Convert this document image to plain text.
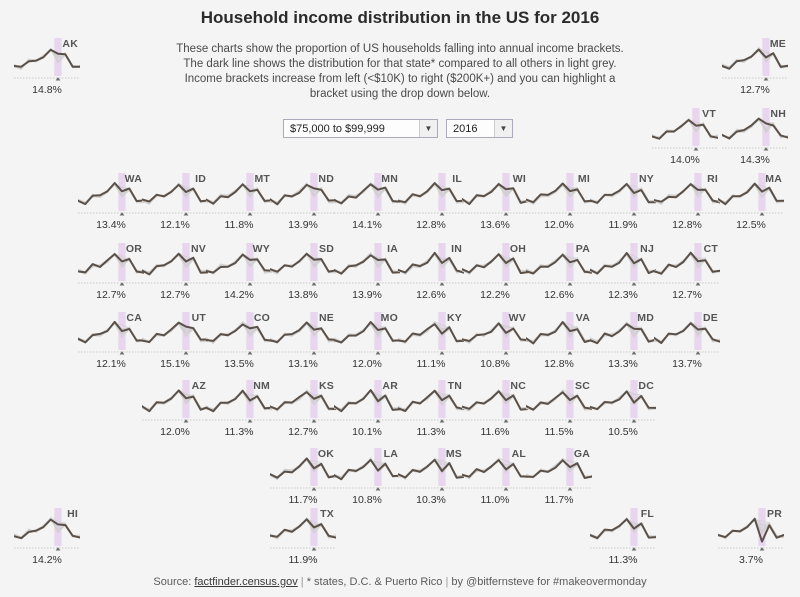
Household income distribution in the US for 2016
These charts show the proportion of US households falling into annual income brackets. The dark line shows the distribution for that state* compared to all others in light grey. Income brackets increase from left (<$10K) to right ($200K+) and you can highlight a bracket using the drop down below.
$75,000 to $99,999	▼	2016	▼
AK
14.8%
ME
12.7%
VT
14.0%
NH
14.3%
WA
13.4%
ID
12.1%
MT
11.8%
ND
13.9%
MN
14.1%
IL
12.8%
WI
13.6%
MI
12.0%
NY
11.9%
RI
12.8%
MA
12.5%
OR
12.7%
NV
12.7%
WY
14.2%
SD
13.8%
IA
13.9%
IN
12.6%
OH
12.2%
PA
12.6%
NJ
12.3%
CT
12.7%
CA
12.1%
UT
15.1%
CO
13.5%
NE
13.1%
MO
12.0%
KY
11.1%
WV
10.8%
VA
12.8%
MD
13.3%
DE
13.7%
AZ
12.0%
NM
11.3%
KS
12.7%
AR
10.1%
TN
11.3%
NC
11.6%
SC
11.5%
DC
10.5%
OK
11.7%
LA
10.8%
MS
10.3%
AL
11.0%
GA
11.7%
HI
14.2%
TX
11.9%
FL
11.3%
PR
3.7%
Source: factfinder.census.gov | * states, D.C. & Puerto Rico | by @bitfernsteve for #makeovermonday
